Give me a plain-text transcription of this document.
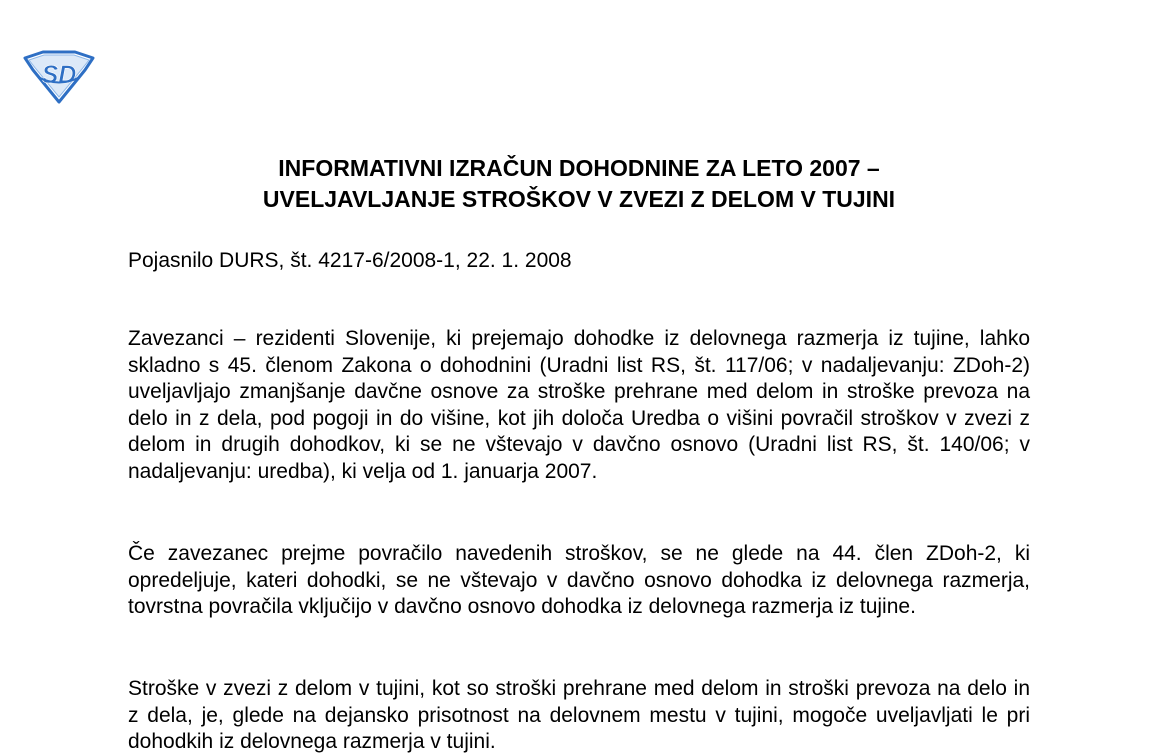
SD
INFORMATIVNI IZRAČUN DOHODNINE ZA LETO 2007 –
UVELJAVLJANJE STROŠKOV V ZVEZI Z DELOM V TUJINI

Pojasnilo DURS, št. 4217-6/2008-1, 22. 1. 2008

Zavezanci – rezidenti Slovenije, ki prejemajo dohodke iz delovnega razmerja iz tujine, lahko skladno s 45. členom Zakona o dohodnini (Uradni list RS, št. 117/06; v nadaljevanju: ZDoh-2) uveljavljajo zmanjšanje davčne osnove za stroške prehrane med delom in stroške prevoza na delo in z dela, pod pogoji in do višine, kot jih določa Uredba o višini povračil stroškov v zvezi z delom in drugih dohodkov, ki se ne vštevajo v davčno osnovo (Uradni list RS, št. 140/06; v nadaljevanju: uredba), ki velja od 1. januarja 2007.

Če zavezanec prejme povračilo navedenih stroškov, se ne glede na 44. člen ZDoh-2, ki opredeljuje, kateri dohodki, se ne vštevajo v davčno osnovo dohodka iz delovnega razmerja, tovrstna povračila vključijo v davčno osnovo dohodka iz delovnega razmerja iz tujine.

Stroške v zvezi z delom v tujini, kot so stroški prehrane med delom in stroški prevoza na delo in z dela, je, glede na dejansko prisotnost na delovnem mestu v tujini, mogoče uveljavljati le pri dohodkih iz delovnega razmerja v tujini.
